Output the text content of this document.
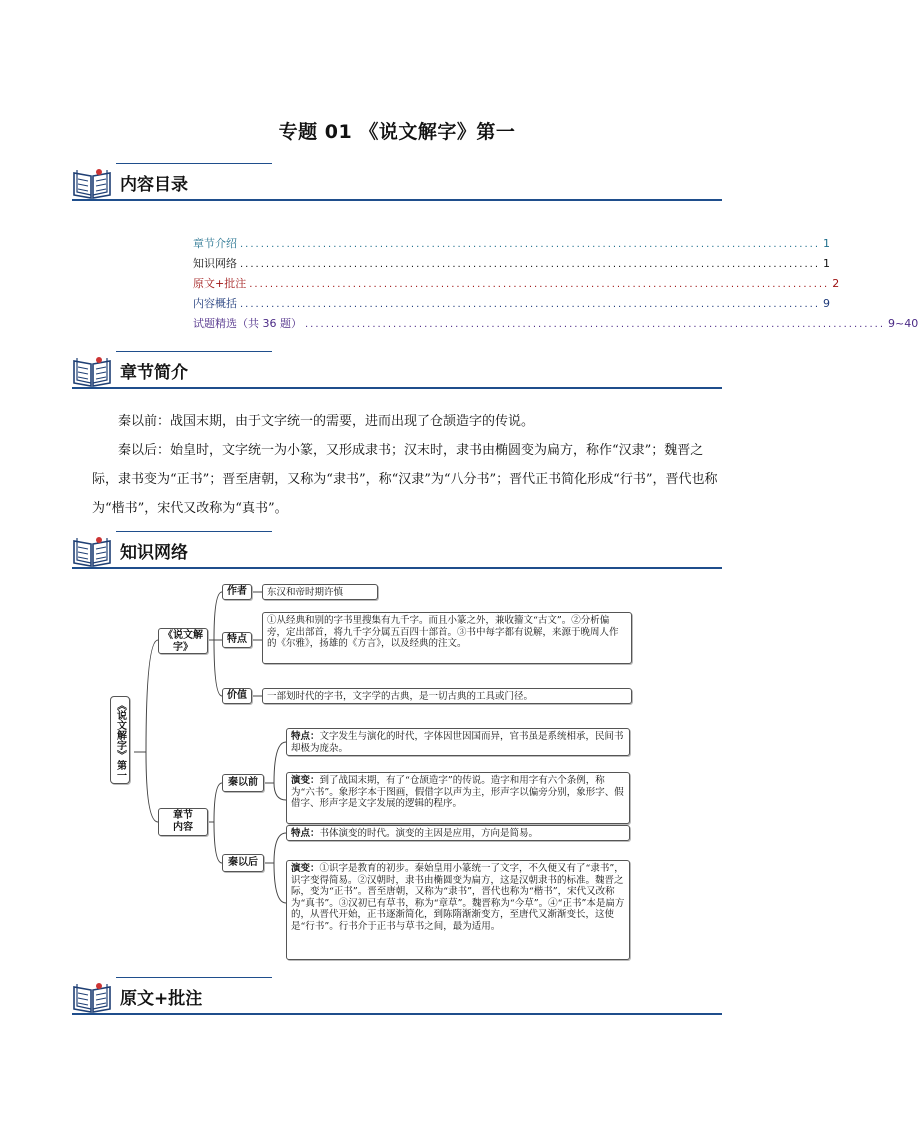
专题 01 《说文解字》第一
内容目录
章节介绍 ................................................................................................................ 1
知识网络 ................................................................................................................ 1
原文+批注 ................................................................................................................ 2
内容概括 ................................................................................................................ 9
试题精选（共 36 题） ................................................................................................................ 9~40
章节简介

秦以前：战国末期，由于文字统一的需要，进而出现了仓颉造字的传说。

秦以后：始皇时，文字统一为小篆，又形成隶书；汉末时，隶书由椭圆变为扁方，称作“汉隶”；魏晋之际，隶书变为“正书”；晋至唐朝，又称为“隶书”，称“汉隶”为“八分书”；晋代正书简化形成“行书”，晋代也称为“楷书”，宋代又改称为“真书”。

知识网络
《说文解字》第一
《说文解字》
章节内容
作者	东汉和帝时期许慎
特点
①从经典和别的字书里搜集有九千字。而且小篆之外，兼收籀文“古文”。②分析偏旁，定出部首，将九千字分属五百四十部首。③书中每字都有说解，来源于晚周人作的《尔雅》，扬雄的《方言》，以及经典的注文。
价值	一部划时代的字书，文字学的古典，是一切古典的工具或门径。
秦以前
秦以后
特点：文字发生与演化的时代，字体因世因国而异，官书虽是系统相承，民间书却极为庞杂。
演变：到了战国末期，有了“仓颉造字”的传说。造字和用字有六个条例，称为“六书”。象形字本于图画，假借字以声为主，形声字以偏旁分别，象形字、假借字、形声字是文字发展的逻辑的程序。
特点：书体演变的时代。演变的主因是应用，方向是简易。
演变：①识字是教育的初步。秦始皇用小篆统一了文字，不久便又有了“隶书”，识字变得简易。②汉朝时，隶书由椭圆变为扁方，这是汉朝隶书的标准。魏晋之际，变为“正书”。晋至唐朝，又称为“隶书”，晋代也称为“楷书”，宋代又改称为“真书”。③汉初已有草书，称为“章草”。魏晋称为“今草”。④“正书”本是扁方的，从晋代开始，正书逐渐简化，到陈隋渐渐变方，至唐代又渐渐变长，这使是“行书”。行书介于正书与草书之间，最为适用。
原文+批注
